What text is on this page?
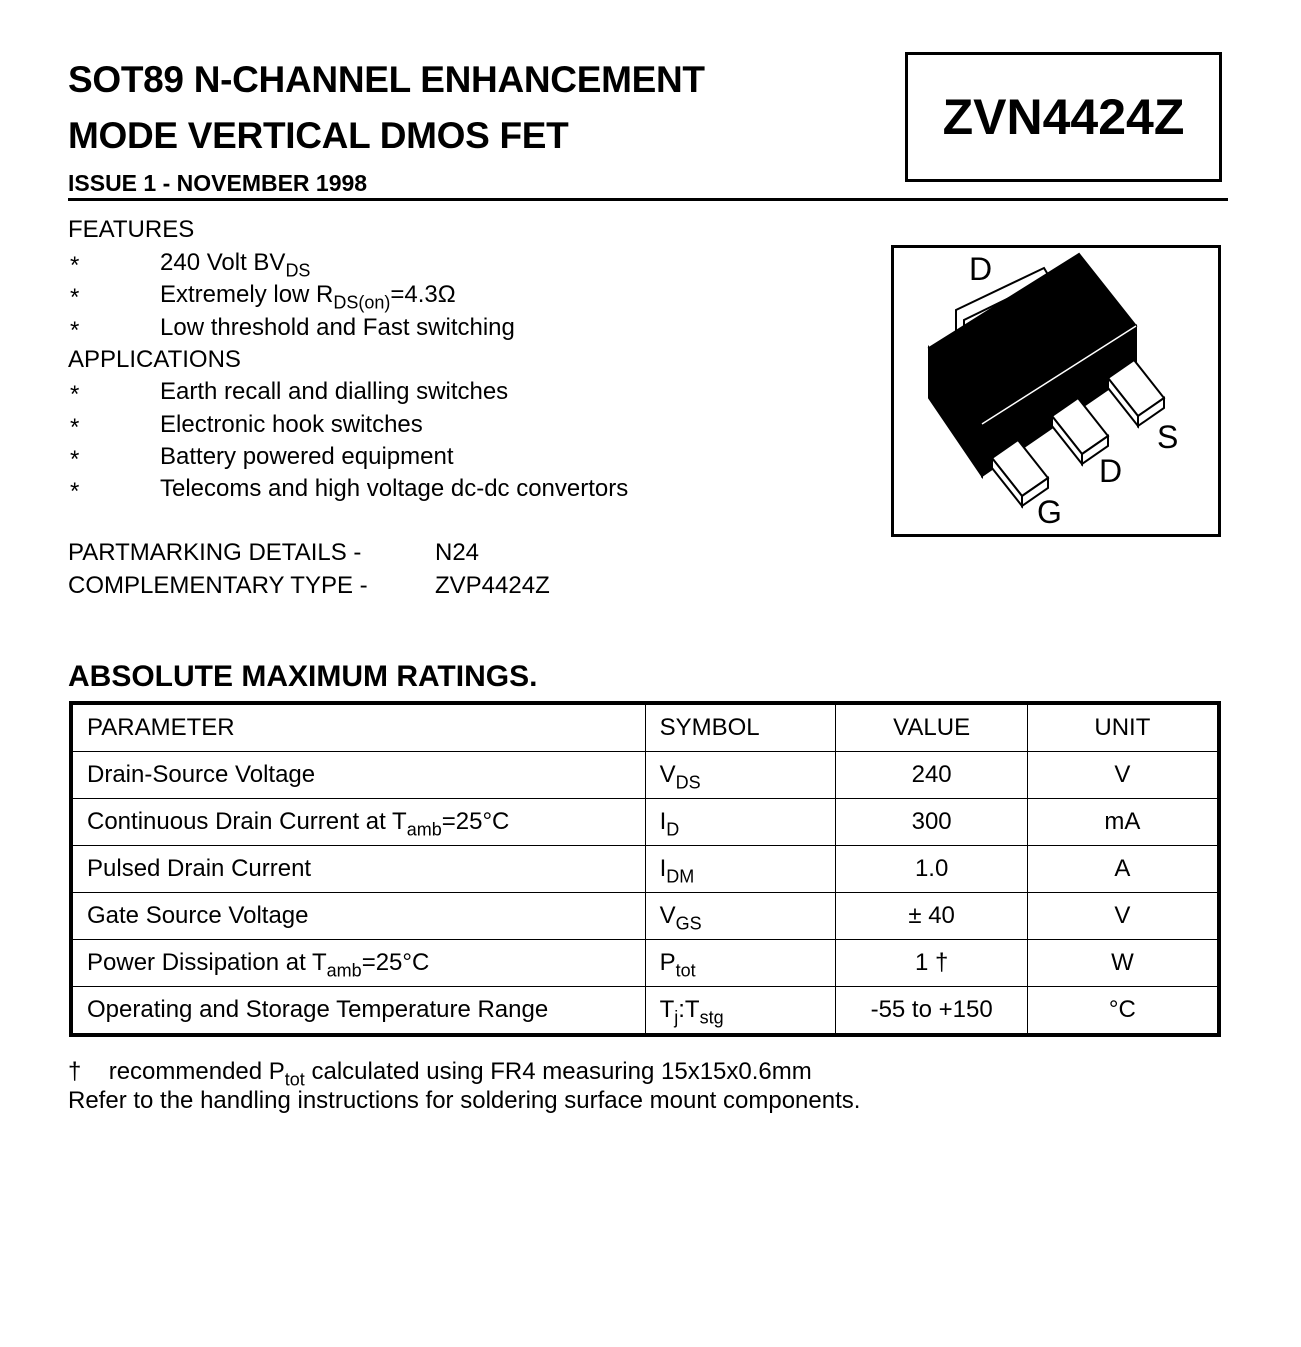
SOT89 N-CHANNEL ENHANCEMENT
MODE VERTICAL DMOS FET	ZVN4424Z
ISSUE 1 - NOVEMBER 1998
FEATURES
*	240 Volt $BV_{DS}$
*	Extremely low $R_{DS(on)}=4.3\Omega$
*	Low threshold and Fast switching
APPLICATIONS
*	Earth recall and dialling switches
*	Electronic hook switches
*	Battery powered equipment
*	Telecoms and high voltage dc-dc convertors
PARTMARKING DETAILS -	N24
COMPLEMENTARY TYPE -	ZVP4424Z
D
G
D
S
ABSOLUTE MAXIMUM RATINGS.
PARAMETER	SYMBOL	VALUE	UNIT
Drain-Source Voltage	$V_{DS}$	240	V
Continuous Drain Current at $T_{amb}=25^\circ C$	$I_D$	300	mA
Pulsed Drain Current	$I_{DM}$	1.0	A
Gate Source Voltage	$V_{GS}$	± 40	V
Power Dissipation at $T_{amb}=25^\circ C$	$P_{tot}$	1 †	W
Operating and Storage Temperature Range	$T_j:T_{stg}$	-55 to +150	°C
† recommended $P_{tot}$ calculated using FR4 measuring 15x15x0.6mm
Refer to the handling instructions for soldering surface mount components.
